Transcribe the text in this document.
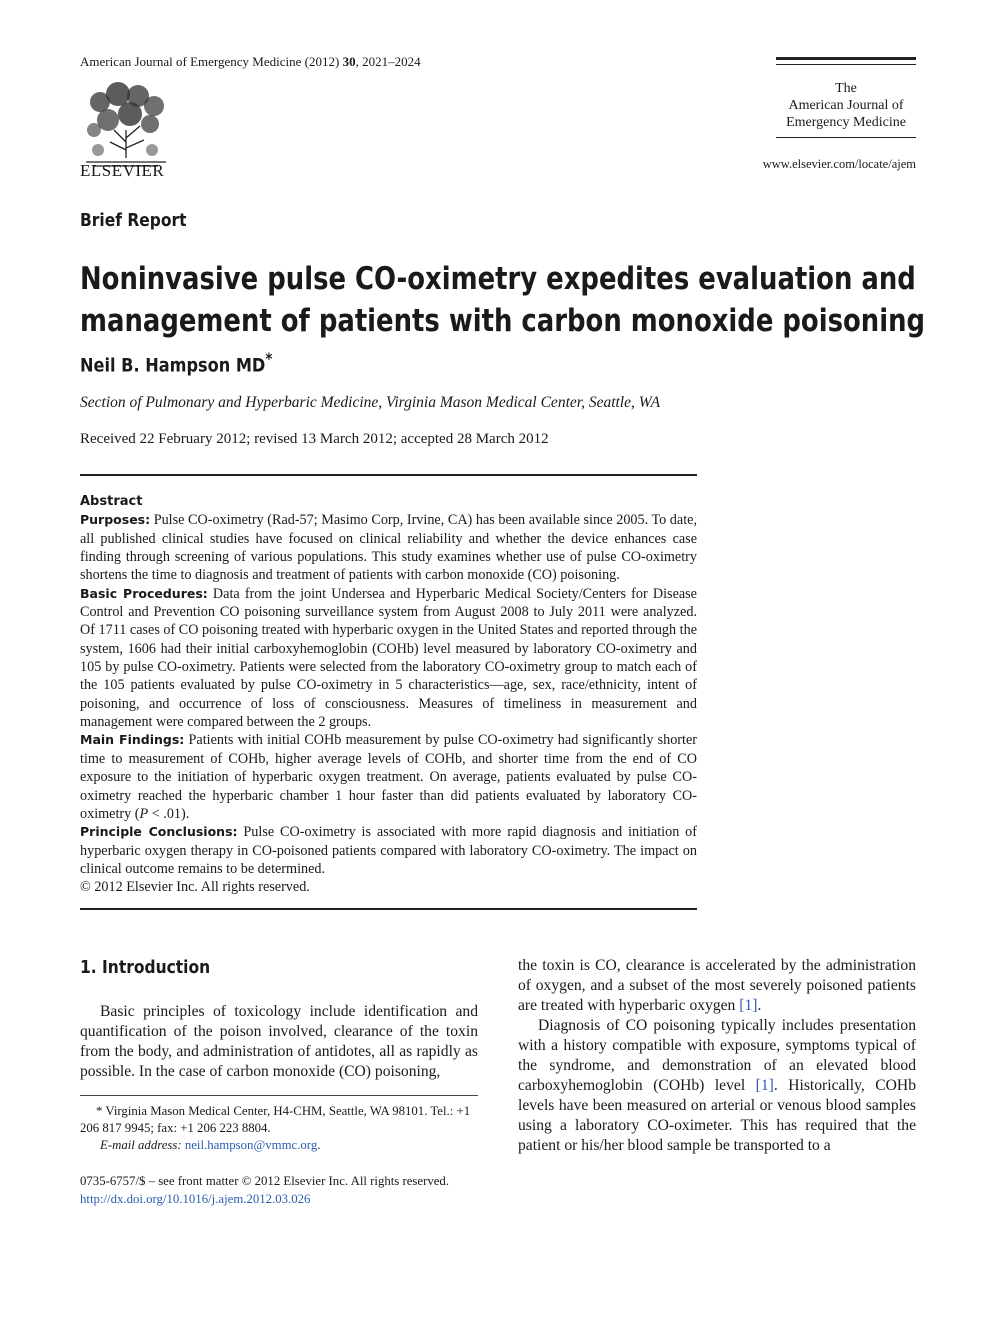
American Journal of Emergency Medicine (2012) 30, 2021–2024
ELSEVIER
The
American Journal of
Emergency Medicine
www.elsevier.com/locate/ajem
Brief Report
Noninvasive pulse CO-oximetry expedites evaluation and
management of patients with carbon monoxide poisoning
Neil B. Hampson MD*
Section of Pulmonary and Hyperbaric Medicine, Virginia Mason Medical Center, Seattle, WA
Received 22 February 2012; revised 13 March 2012; accepted 28 March 2012

Abstract

Purposes: Pulse CO-oximetry (Rad-57; Masimo Corp, Irvine, CA) has been available since 2005. To date, all published clinical studies have focused on clinical reliability and whether the device enhances case finding through screening of various populations. This study examines whether use of pulse CO-oximetry shortens the time to diagnosis and treatment of patients with carbon monoxide (CO) poisoning.

Basic Procedures: Data from the joint Undersea and Hyperbaric Medical Society/Centers for Disease Control and Prevention CO poisoning surveillance system from August 2008 to July 2011 were analyzed. Of 1711 cases of CO poisoning treated with hyperbaric oxygen in the United States and reported through the system, 1606 had their initial carboxyhemoglobin (COHb) level measured by laboratory CO-oximetry and 105 by pulse CO-oximetry. Patients were selected from the laboratory CO-oximetry group to match each of the 105 patients evaluated by pulse CO-oximetry in 5 characteristics—age, sex, race/ethnicity, intent of poisoning, and occurrence of loss of consciousness. Measures of timeliness in measurement and management were compared between the 2 groups.

Main Findings: Patients with initial COHb measurement by pulse CO-oximetry had significantly shorter time to measurement of COHb, higher average levels of COHb, and shorter time from the end of CO exposure to the initiation of hyperbaric oxygen treatment. On average, patients evaluated by pulse CO-oximetry reached the hyperbaric chamber 1 hour faster than did patients evaluated by laboratory CO-oximetry (P < .01).

Principle Conclusions: Pulse CO-oximetry is associated with more rapid diagnosis and initiation of hyperbaric oxygen therapy in CO-poisoned patients compared with laboratory CO-oximetry. The impact on clinical outcome remains to be determined.

© 2012 Elsevier Inc. All rights reserved.

1. Introduction

Basic principles of toxicology include identification and quantification of the poison involved, clearance of the toxin from the body, and administration of antidotes, all as rapidly as possible. In the case of carbon monoxide (CO) poisoning,

the toxin is CO, clearance is accelerated by the administration of oxygen, and a subset of the most severely poisoned patients are treated with hyperbaric oxygen [1].

Diagnosis of CO poisoning typically includes presentation with a history compatible with exposure, symptoms typical of the syndrome, and demonstration of an elevated blood carboxyhemoglobin (COHb) level [1]. Historically, COHb levels have been measured on arterial or venous blood samples using a laboratory CO-oximeter. This has required that the patient or his/her blood sample be transported to a

* Virginia Mason Medical Center, H4-CHM, Seattle, WA 98101. Tel.: +1 206 817 9945; fax: +1 206 223 8804.

E-mail address: neil.hampson@vmmc.org.

0735-6757/$ – see front matter © 2012 Elsevier Inc. All rights reserved.
http://dx.doi.org/10.1016/j.ajem.2012.03.026
